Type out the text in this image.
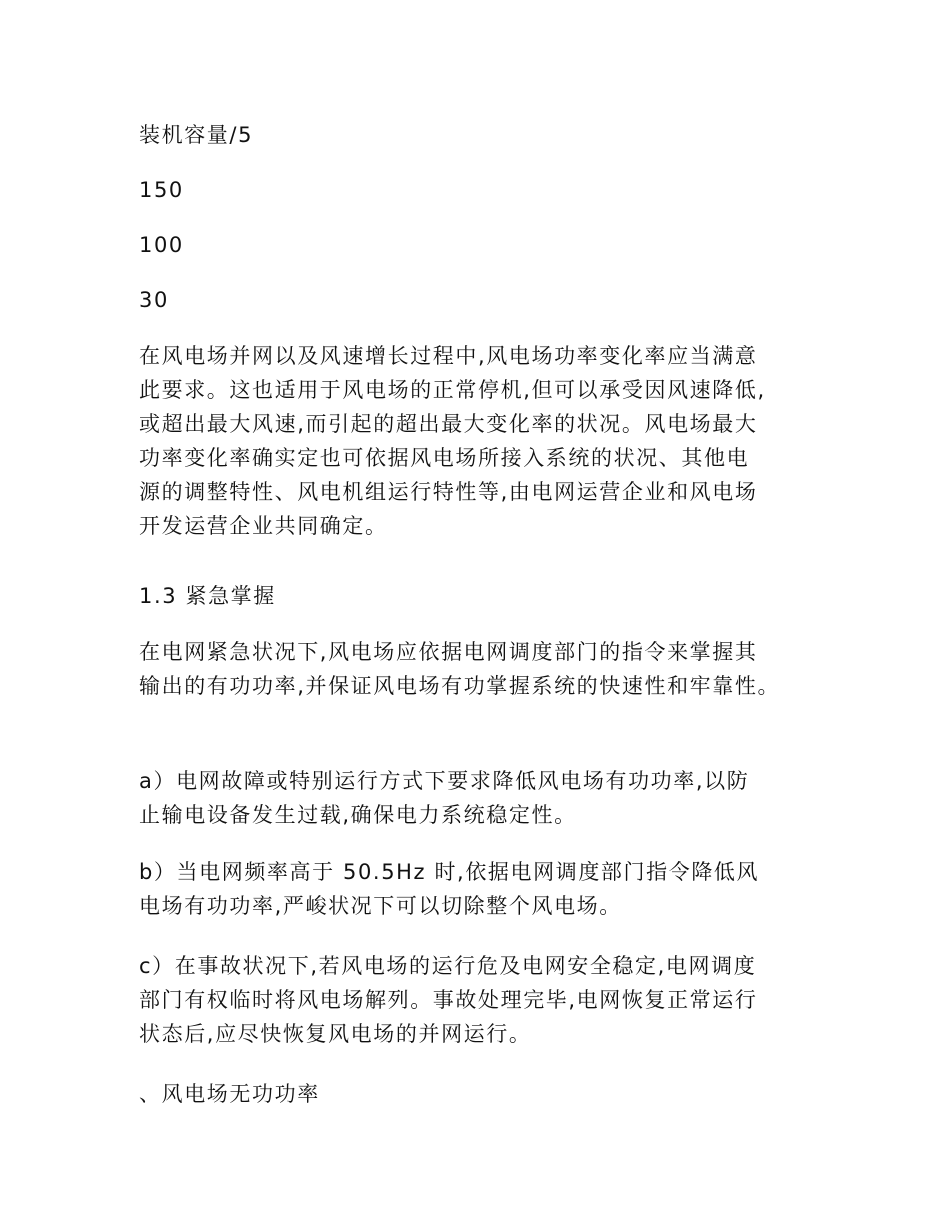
装机容量/5

150

100

30

在风电场并网以及风速增长过程中,风电场功率变化率应当满意
此要求。这也适用于风电场的正常停机,但可以承受因风速降低,
或超出最大风速,而引起的超出最大变化率的状况。风电场最大
功率变化率确实定也可依据风电场所接入系统的状况、其他电
源的调整特性、风电机组运行特性等,由电网运营企业和风电场
开发运营企业共同确定。

1.3 紧急掌握

在电网紧急状况下,风电场应依据电网调度部门的指令来掌握其
输出的有功功率,并保证风电场有功掌握系统的快速性和牢靠性。

a）电网故障或特别运行方式下要求降低风电场有功功率,以防
止输电设备发生过载,确保电力系统稳定性。

b）当电网频率高于 50.5Hz 时,依据电网调度部门指令降低风
电场有功功率,严峻状况下可以切除整个风电场。

c）在事故状况下,若风电场的运行危及电网安全稳定,电网调度
部门有权临时将风电场解列。事故处理完毕,电网恢复正常运行
状态后,应尽快恢复风电场的并网运行。

、风电场无功功率
